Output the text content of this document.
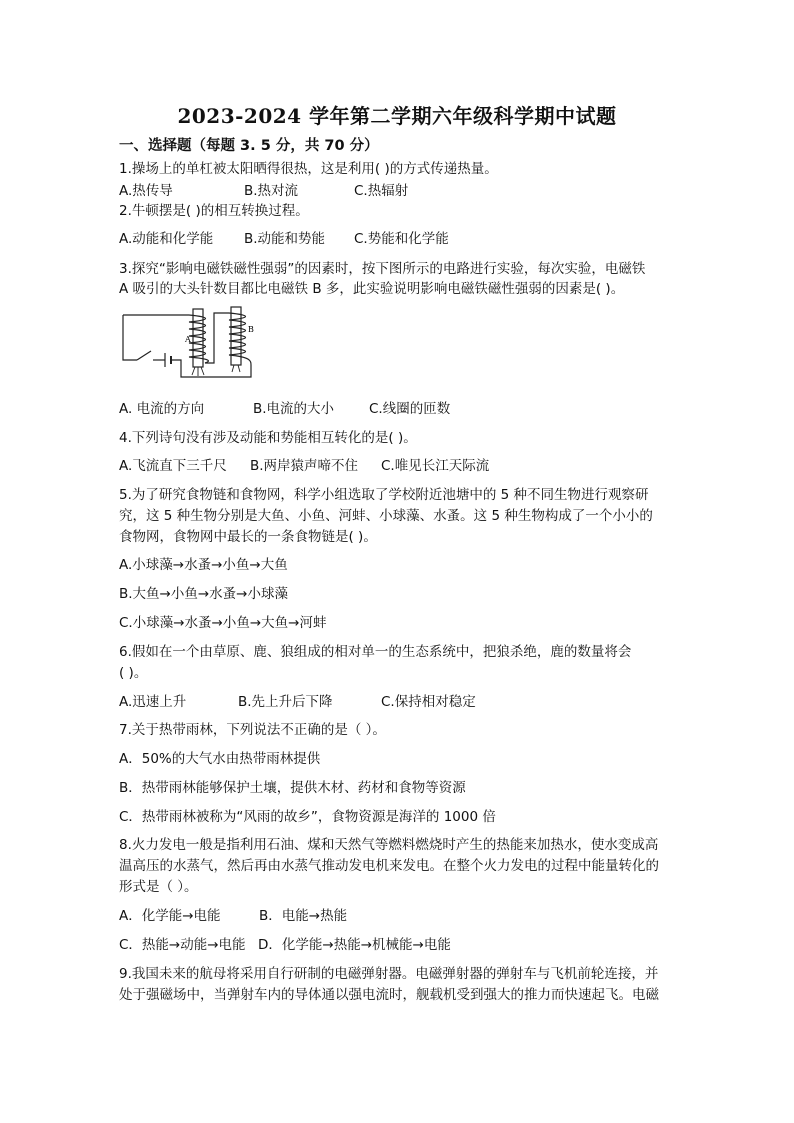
2023-2024 学年第二学期六年级科学期中试题
一、选择题（每题 3. 5 分，共 70 分）
1.操场上的单杠被太阳晒得很热，这是利用( )的方式传递热量。
A.热传导	B.热对流	C.热辐射
2.牛顿摆是( )的相互转换过程。
A.动能和化学能 B.动能和势能 C.势能和化学能
3.探究“影响电磁铁磁性强弱”的因素时，按下图所示的电路进行实验，每次实验，电磁铁
A 吸引的大头针数目都比电磁铁 B 多，此实验说明影响电磁铁磁性强弱的因素是( )。
A
B
A. 电流的方向	B.电流的大小	C.线圈的匝数
4.下列诗句没有涉及动能和势能相互转化的是( )。
A.飞流直下三千尺 B.两岸猿声啼不住 C.唯见长江天际流
5.为了研究食物链和食物网，科学小组选取了学校附近池塘中的 5 种不同生物进行观察研
究，这 5 种生物分别是大鱼、小鱼、河蚌、小球藻、水蚤。这 5 种生物构成了一个小小的
食物网，食物网中最长的一条食物链是( )。
A.小球藻→水蚤→小鱼→大鱼
B.大鱼→小鱼→水蚤→小球藻
C.小球藻→水蚤→小鱼→大鱼→河蚌
6.假如在一个由草原、鹿、狼组成的相对单一的生态系统中，把狼杀绝，鹿的数量将会
( )。
A.迅速上升	B.先上升后下降	C.保持相对稳定
7.关于热带雨林，下列说法不正确的是（ ）。
A．50%的大气水由热带雨林提供
B．热带雨林能够保护土壤，提供木材、药材和食物等资源
C．热带雨林被称为“风雨的故乡”，食物资源是海洋的 1000 倍
8.火力发电一般是指利用石油、煤和天然气等燃料燃烧时产生的热能来加热水，使水变成高
温高压的水蒸气，然后再由水蒸气推动发电机来发电。在整个火力发电的过程中能量转化的
形式是（ ）。
A．化学能→电能	B．电能→热能
C．热能→动能→电能 D．化学能→热能→机械能→电能
9.我国未来的航母将采用自行研制的电磁弹射器。电磁弹射器的弹射车与飞机前轮连接，并
处于强磁场中，当弹射车内的导体通以强电流时，舰载机受到强大的推力而快速起飞。电磁
